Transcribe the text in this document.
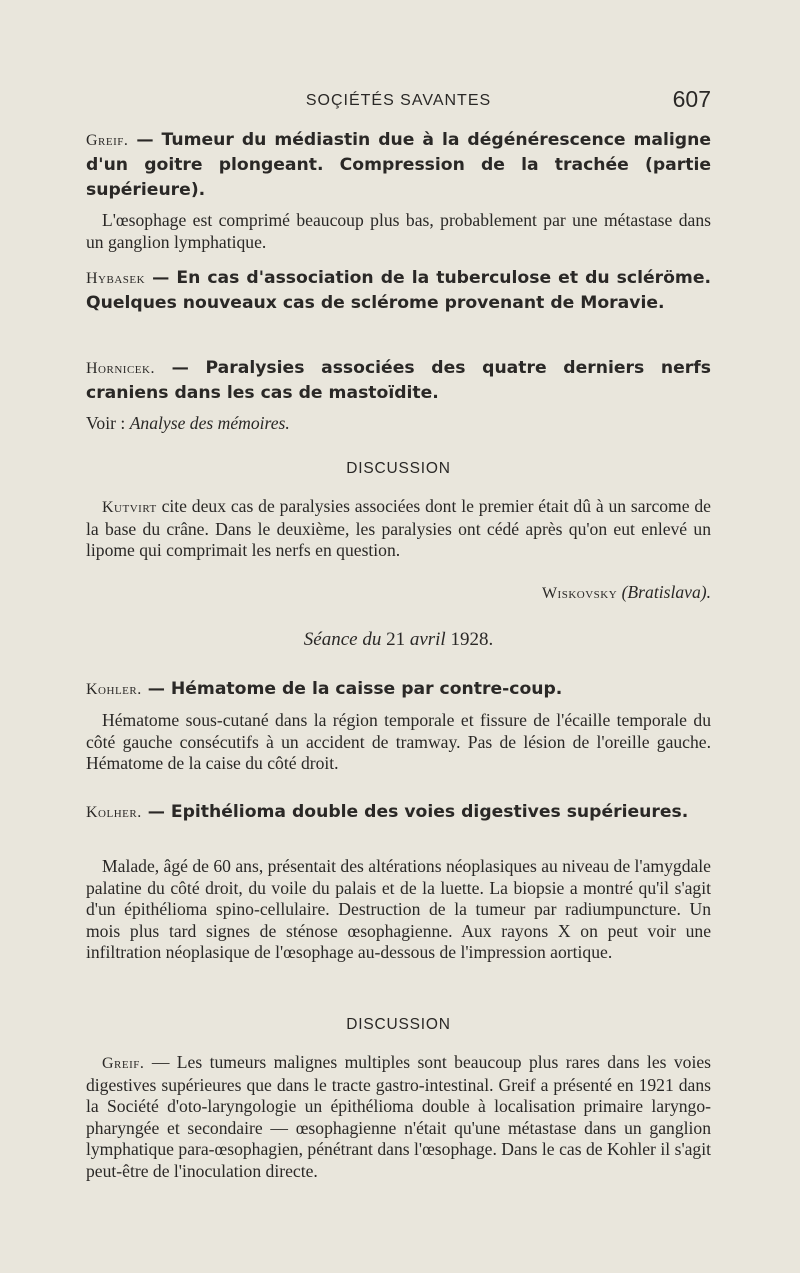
SOÇIÉTÉS SAVANTES	607
Greif. — Tumeur du médiastin due à la dégénérescence maligne d'un goitre plongeant. Compression de la trachée (partie supérieure).
L'œsophage est comprimé beaucoup plus bas, probablement par une métastase dans un ganglion lymphatique.
Hybasek — En cas d'association de la tuberculose et du scléröme. Quelques nouveaux cas de sclérome provenant de Moravie.
Hornicek. — Paralysies associées des quatre derniers nerfs craniens dans les cas de mastoïdite.
Voir : Analyse des mémoires.
DISCUSSION
Kutvirt cite deux cas de paralysies associées dont le premier était dû à un sarcome de la base du crâne. Dans le deuxième, les paralysies ont cédé après qu'on eut enlevé un lipome qui comprimait les nerfs en question.
Wiskovsky (Bratislava).
Séance du 21 avril 1928.
Kohler. — Hématome de la caisse par contre-coup.
Hématome sous-cutané dans la région temporale et fissure de l'écaille temporale du côté gauche consécutifs à un accident de tramway. Pas de lésion de l'oreille gauche. Hématome de la caise du côté droit.
Kolher. — Epithélioma double des voies digestives supérieures.
Malade, âgé de 60 ans, présentait des altérations néoplasiques au niveau de l'amygdale palatine du côté droit, du voile du palais et de la luette. La biopsie a montré qu'il s'agit d'un épithélioma spino-cellulaire. Destruction de la tumeur par radiumpuncture. Un mois plus tard signes de sténose œsophagienne. Aux rayons X on peut voir une infiltration néoplasique de l'œsophage au-dessous de l'impression aortique.
DISCUSSION
Greif. — Les tumeurs malignes multiples sont beaucoup plus rares dans les voies digestives supérieures que dans le tracte gastro-intestinal. Greif a présenté en 1921 dans la Société d'oto-laryngologie un épithélioma double à localisation primaire laryngo-pharyngée et secondaire — œsophagienne n'était qu'une métastase dans un ganglion lymphatique para-œsophagien, pénétrant dans l'œsophage. Dans le cas de Kohler il s'agit peut-être de l'inoculation directe.
